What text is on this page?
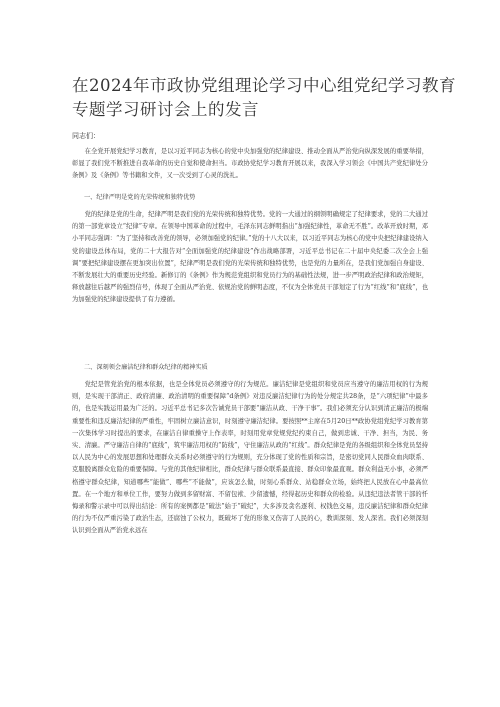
在2024年市政协党组理论学习中心组党纪学习教育
专题学习研讨会上的发言
同志们：

在全党开展党纪学习教育，是以习近平同志为核心的党中央加强党的纪律建设、推动全面从严治党向纵深发展的重要举措，彰显了我们党不断推进自我革命的历史自觉和使命担当。市政协党纪学习教育开展以来，我深入学习领会《中国共产党纪律处分条例》及《条例》等书籍和文件，又一次受到了心灵的洗礼。

一、纪律严明是党的光荣传统和独特优势

党的纪律是党的生命，纪律严明是我们党的光荣传统和独特优势。党的一大通过的纲领明确规定了纪律要求，党的二大通过的第一部党章设立“纪律”专章。在领导中国革命的过程中，毛泽东同志鲜明指出“加强纪律性，革命无不胜”。改革开放时期，邓小平同志强调：“为了坚持和改善党的领导，必须加强党的纪律。”党的十八大以来，以习近平同志为核心的党中央把纪律建设纳入党的建设总体布局，党的二十大报告对“全面加强党的纪律建设”作出战略部署，习近平总书记在二十届中央纪委二次全会上强调“要把纪律建设摆在更加突出位置”，纪律严明是我们党的光荣传统和独特优势，也是党的力量所在，是我们党加强自身建设、不断发展壮大的重要历史经验。新修订的《条例》作为规范党组织和党员行为的基础性法规，进一步严明政治纪律和政治规矩，释放越往后越严的强烈信号，体现了全面从严治党、依规治党的鲜明态度，不仅为全体党员干部划定了行为“红线”和“底线”，也为加强党的纪律建设提供了有力遵循。

二、深刻领会廉洁纪律和群众纪律的精神实质

党纪是管党治党的根本依据，也是全体党员必须遵守的行为规范。廉洁纪律是党组织和党员应当遵守的廉洁用权的行为规则，是实现干部清正、政府清廉、政治清明的重要保障“d条例》对违反廉洁纪律行为的处分规定共28条，是“六项纪律”中最多的，也是实践运用最为广泛的。习近平总书记多次告诫党员干部要“廉洁从政、干净干事”。我们必须充分认识到清正廉洁的极端重要性和违反廉洁纪律的严重性，牢固树立廉洁意识，时刻遵守廉洁纪律。要按照**主席在5月20日**政协党组党纪学习教育第一次集体学习时提出的要求，在廉洁自律重操守上作表率，时刻用党章党规党纪约束自己，做到忠诚、干净、担当，为民、务实、清廉。严守廉洁自律的“底线”，筑牢廉洁用权的“防线”，守住廉洁从政的“红线”。群众纪律是党的各级组织和全体党员坚持以人民为中心的发展思想和处理群众关系时必须遵守的行为规则，充分体现了党的性质和宗旨，是密切党同人民群众血肉联系、克服脱离群众危险的重要保障。与党的其他纪律相比，群众纪律与群众联系最直接、群众印象最直观。群众利益无小事，必须严格遵守群众纪律，知道哪些“能做”、哪些“不能做”，应该怎么做，时刻心系群众、站稳群众立场，始终把人民放在心中最高位置。在一个地方和单位工作，要努力做到多留财富、不留包袱、少留遗憾，经得起历史和群众的检验。从违纪违法者管干部的忏悔录和警示录中可以得出结论：所有的案例都是“破法”始于“破纪”，大多涉及贪名逐利、权钱色交易，违反廉洁纪律和群众纪律的行为不仅严重污染了政治生态，还腐蚀了公权力，既破坏了党的形象又伤害了人民的心，教训深刻、发人深省。我们必须深刻认识到全面从严治党永远在
